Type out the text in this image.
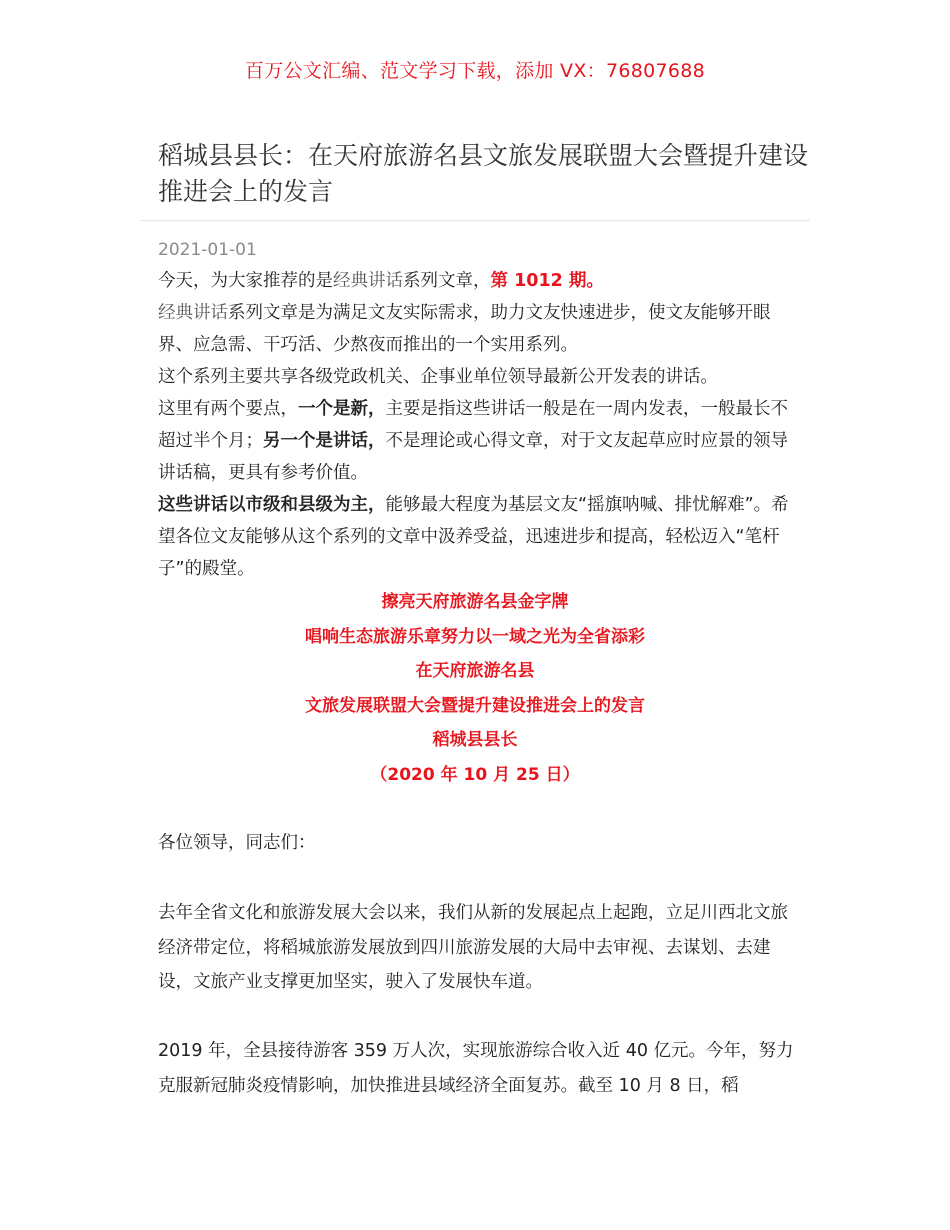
百万公文汇编、范文学习下载，添加 VX：76807688
稻城县县长：在天府旅游名县文旅发展联盟大会暨提升建设推进会上的发言
2021-01-01

今天，为大家推荐的是经典讲话系列文章，第 1012 期。

经典讲话系列文章是为满足文友实际需求，助力文友快速进步，使文友能够开眼界、应急需、干巧活、少熬夜而推出的一个实用系列。

这个系列主要共享各级党政机关、企事业单位领导最新公开发表的讲话。

这里有两个要点，一个是新，主要是指这些讲话一般是在一周内发表，一般最长不超过半个月；另一个是讲话，不是理论或心得文章，对于文友起草应时应景的领导讲话稿，更具有参考价值。

这些讲话以市级和县级为主，能够最大程度为基层文友“摇旗呐喊、排忧解难”。希望各位文友能够从这个系列的文章中汲养受益，迅速进步和提高，轻松迈入“笔杆子”的殿堂。

擦亮天府旅游名县金字牌
唱响生态旅游乐章努力以一域之光为全省添彩
在天府旅游名县
文旅发展联盟大会暨提升建设推进会上的发言
稻城县县长
（2020 年 10 月 25 日）

各位领导，同志们：

去年全省文化和旅游发展大会以来，我们从新的发展起点上起跑，立足川西北文旅经济带定位，将稻城旅游发展放到四川旅游发展的大局中去审视、去谋划、去建设，文旅产业支撑更加坚实，驶入了发展快车道。

2019 年，全县接待游客 359 万人次，实现旅游综合收入近 40 亿元。今年，努力克服新冠肺炎疫情影响，加快推进县域经济全面复苏。截至 10 月 8 日，稻
